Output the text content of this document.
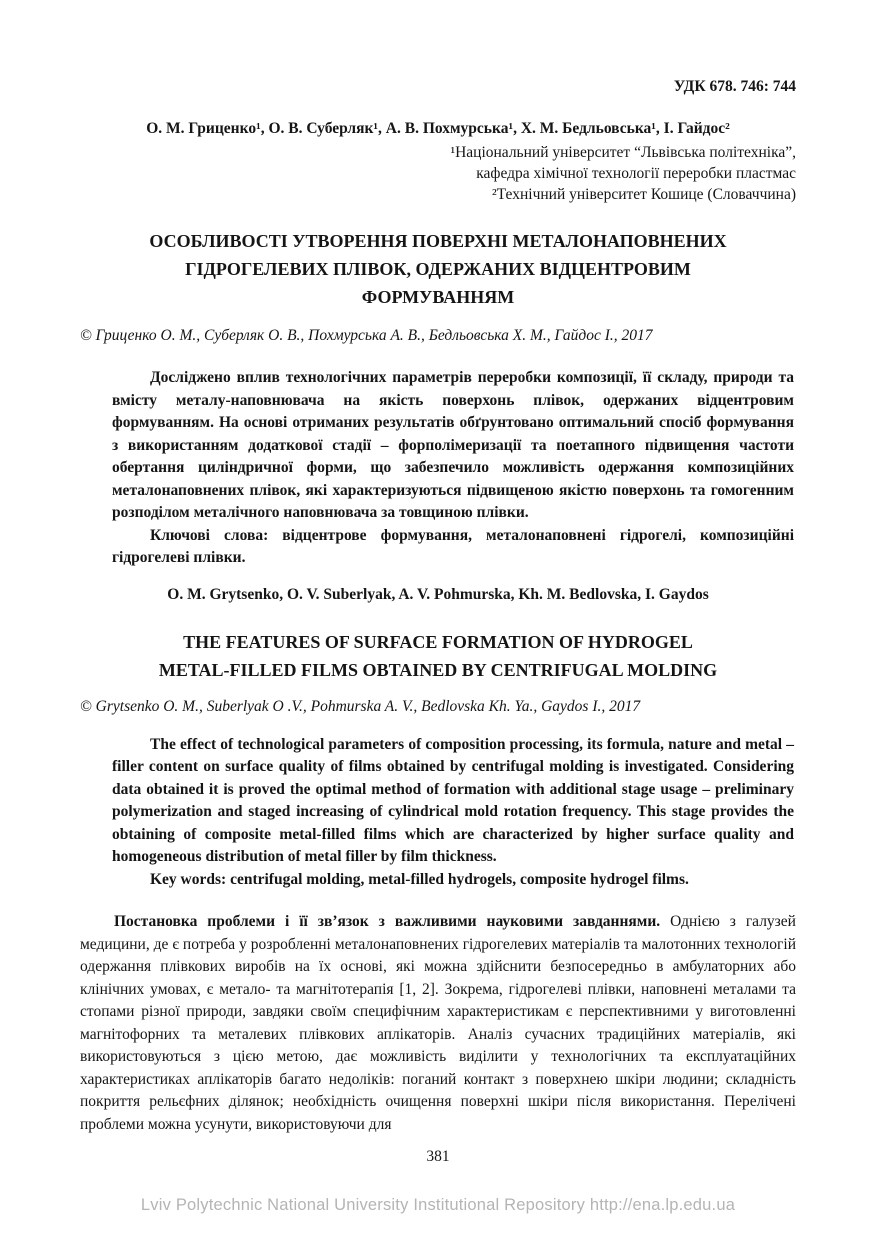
УДК 678. 746: 744
О. М. Гриценко¹, О. В. Суберляк¹, А. В. Похмурська¹, Х. М. Бедльовська¹, І. Гайдос²
¹Національний університет “Львівська політехніка”,
кафедра хімічної технології переробки пластмас
²Технічний університет Кошице (Словаччина)
ОСОБЛИВОСТІ УТВОРЕННЯ ПОВЕРХНІ МЕТАЛОНАПОВНЕНИХ
ГІДРОГЕЛЕВИХ ПЛІВОК, ОДЕРЖАНИХ ВІДЦЕНТРОВИМ
ФОРМУВАННЯМ
© Гриценко О. М., Суберляк О. В., Похмурська А. В., Бедльовська Х. М., Гайдос І., 2017

Досліджено вплив технологічних параметрів переробки композиції, її складу, природи та вмісту металу-наповнювача на якість поверхонь плівок, одержаних відцентровим формуванням. На основі отриманих результатів обґрунтовано оптимальний спосіб формування з використанням додаткової стадії – форполімеризації та поетапного підвищення частоти обертання циліндричної форми, що забезпечило можливість одержання композиційних металонаповнених плівок, які характеризуються підвищеною якістю поверхонь та гомогенним розподілом металічного наповнювача за товщиною плівки.

Ключові слова: відцентрове формування, металонаповнені гідрогелі, композиційні гідрогелеві плівки.

O. M. Grytsenko, O. V. Suberlyak, A. V. Pohmurska, Kh. M. Bedlovska, I. Gaydos
THE FEATURES OF SURFACE FORMATION OF HYDROGEL
METAL-FILLED FILMS OBTAINED BY CENTRIFUGAL MOLDING
© Grytsenko O. M., Suberlyak O .V., Pohmurska A. V., Bedlovska Kh. Ya., Gaydos I., 2017

The effect of technological parameters of composition processing, its formula, nature and metal –filler content on surface quality of films obtained by centrifugal molding is investigated. Considering data obtained it is proved the optimal method of formation with additional stage usage – preliminary polymerization and staged increasing of cylindrical mold rotation frequency. This stage provides the obtaining of composite metal-filled films which are characterized by higher surface quality and homogeneous distribution of metal filler by film thickness.

Key words: centrifugal molding, metal-filled hydrogels, composite hydrogel films.

Постановка проблеми і її зв’язок з важливими науковими завданнями. Однією з галузей медицини, де є потреба у розробленні металонаповнених гідрогелевих матеріалів та малотонних технологій одержання плівкових виробів на їх основі, які можна здійснити безпосередньо в амбулаторних або клінічних умовах, є метало- та магнітотерапія [1, 2]. Зокрема, гідрогелеві плівки, наповнені металами та стопами різної природи, завдяки своїм специфічним характеристикам є перспективними у виготовленні магнітофорних та металевих плівкових аплікаторів. Аналіз сучасних традиційних матеріалів, які використовуються з цією метою, дає можливість виділити у технологічних та експлуатаційних характеристиках аплікаторів багато недоліків: поганий контакт з поверхнею шкіри людини; складність покриття рельєфних ділянок; необхідність очищення поверхні шкіри після використання. Перелічені проблеми можна усунути, використовуючи для

381
Lviv Polytechnic National University Institutional Repository http://ena.lp.edu.ua
